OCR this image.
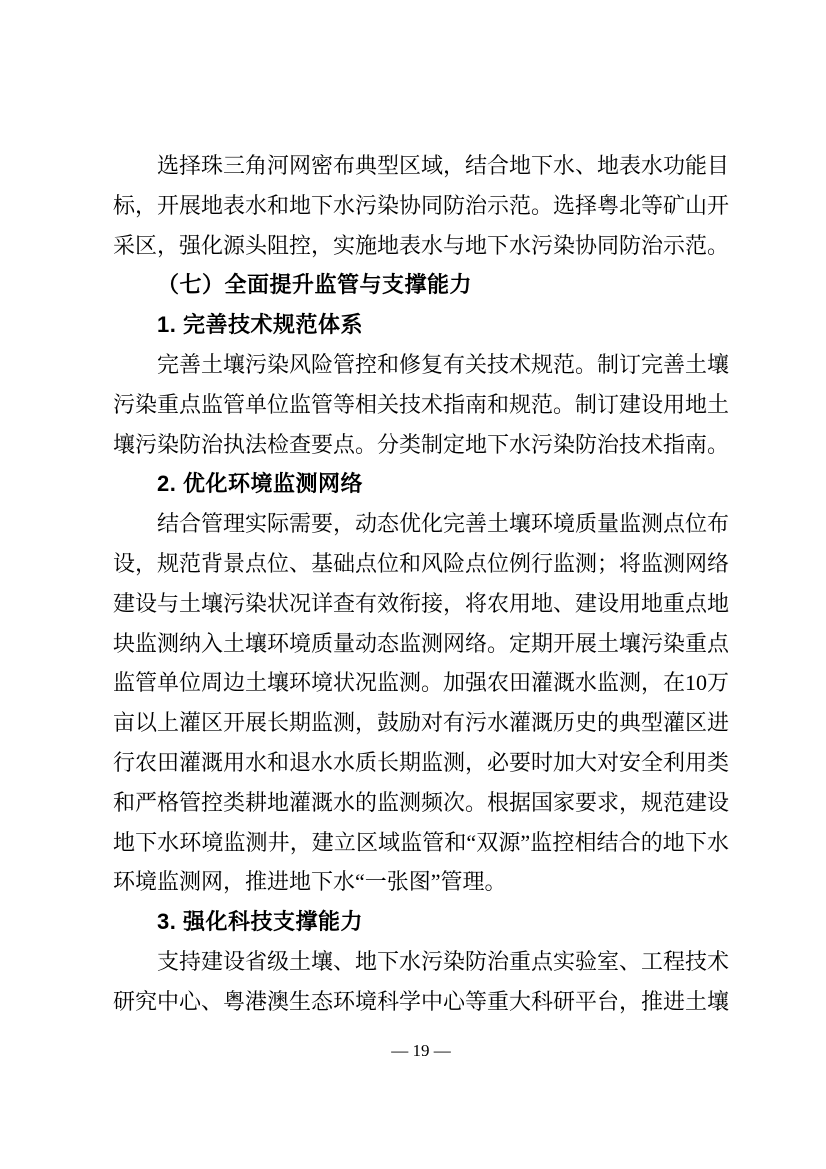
选择珠三角河网密布典型区域，结合地下水、地表水功能目标，开展地表水和地下水污染协同防治示范。选择粤北等矿山开采区，强化源头阻控，实施地表水与地下水污染协同防治示范。

（七）全面提升监管与支撑能力
1. 完善技术规范体系

完善土壤污染风险管控和修复有关技术规范。制订完善土壤污染重点监管单位监管等相关技术指南和规范。制订建设用地土壤污染防治执法检查要点。分类制定地下水污染防治技术指南。

2. 优化环境监测网络

结合管理实际需要，动态优化完善土壤环境质量监测点位布设，规范背景点位、基础点位和风险点位例行监测；将监测网络建设与土壤污染状况详查有效衔接，将农用地、建设用地重点地块监测纳入土壤环境质量动态监测网络。定期开展土壤污染重点监管单位周边土壤环境状况监测。加强农田灌溉水监测，在10万亩以上灌区开展长期监测，鼓励对有污水灌溉历史的典型灌区进行农田灌溉用水和退水水质长期监测，必要时加大对安全利用类和严格管控类耕地灌溉水的监测频次。根据国家要求，规范建设地下水环境监测井，建立区域监管和“双源”监控相结合的地下水环境监测网，推进地下水“一张图”管理。

3. 强化科技支撑能力

支持建设省级土壤、地下水污染防治重点实验室、工程技术研究中心、粤港澳生态环境科学中心等重大科研平台，推进土壤

— 19 —
